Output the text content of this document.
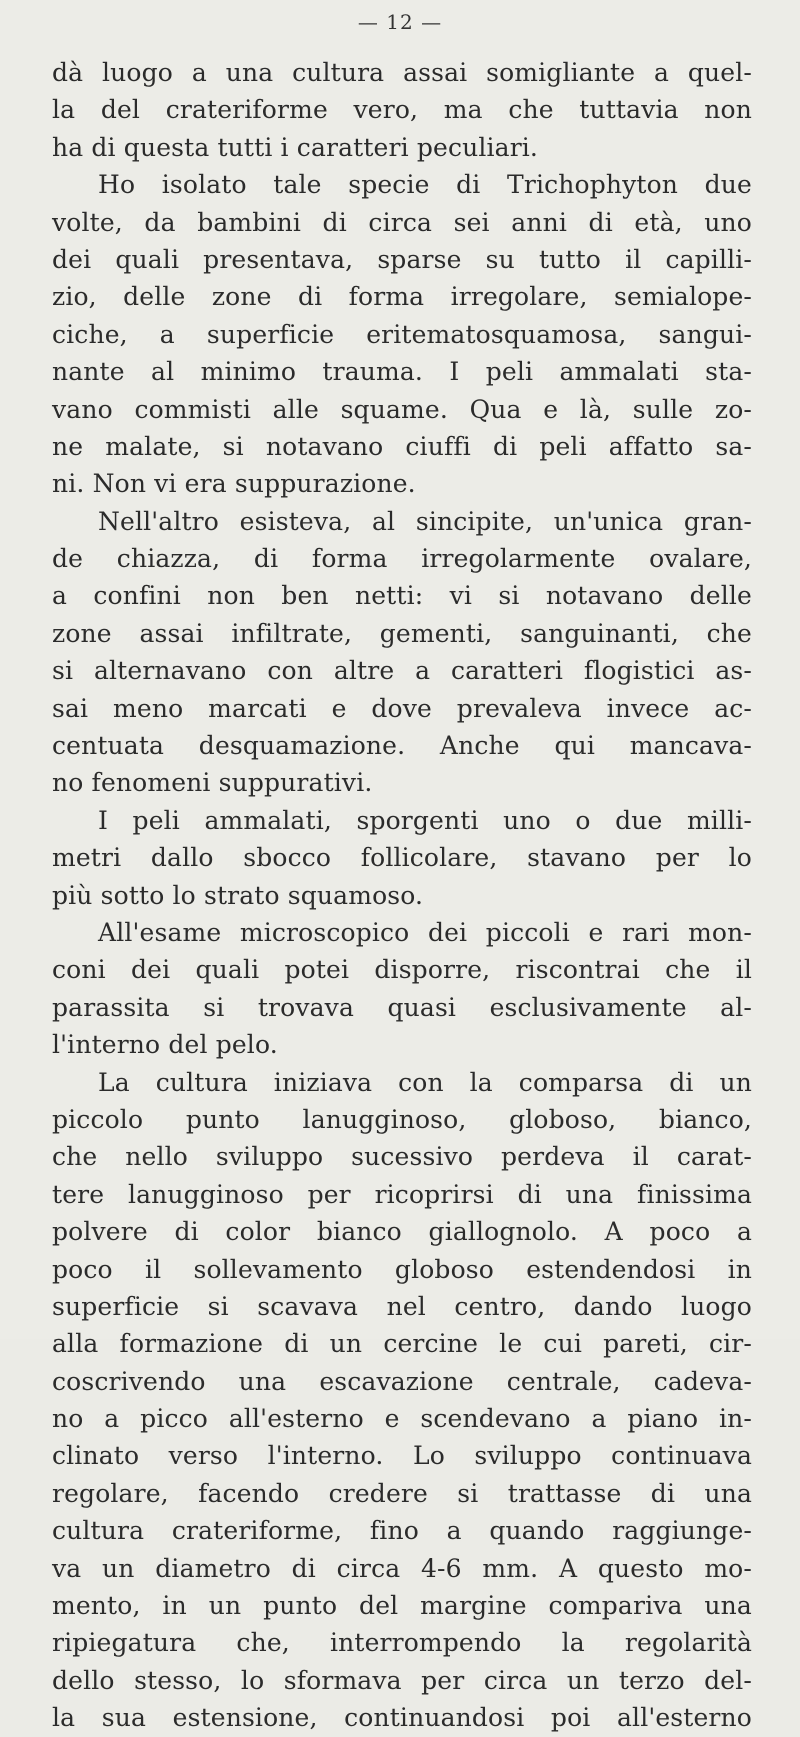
— 12 —
dà luogo a una cultura assai somigliante a quel-
la del crateriforme vero, ma che tuttavia non
ha di questa tutti i caratteri peculiari.
Ho isolato tale specie di Trichophyton due
volte, da bambini di circa sei anni di età, uno
dei quali presentava, sparse su tutto il capilli-
zio, delle zone di forma irregolare, semialope-
ciche, a superficie eritematosquamosa, sangui-
nante al minimo trauma. I peli ammalati sta-
vano commisti alle squame. Qua e là, sulle zo-
ne malate, si notavano ciuffi di peli affatto sa-
ni. Non vi era suppurazione.
Nell'altro esisteva, al sincipite, un'unica gran-
de chiazza, di forma irregolarmente ovalare,
a confini non ben netti: vi si notavano delle
zone assai infiltrate, gementi, sanguinanti, che
si alternavano con altre a caratteri flogistici as-
sai meno marcati e dove prevaleva invece ac-
centuata desquamazione. Anche qui mancava-
no fenomeni suppurativi.
I peli ammalati, sporgenti uno o due milli-
metri dallo sbocco follicolare, stavano per lo
più sotto lo strato squamoso.
All'esame microscopico dei piccoli e rari mon-
coni dei quali potei disporre, riscontrai che il
parassita si trovava quasi esclusivamente al-
l'interno del pelo.
La cultura iniziava con la comparsa di un
piccolo punto lanugginoso, globoso, bianco,
che nello sviluppo sucessivo perdeva il carat-
tere lanugginoso per ricoprirsi di una finissima
polvere di color bianco giallognolo. A poco a
poco il sollevamento globoso estendendosi in
superficie si scavava nel centro, dando luogo
alla formazione di un cercine le cui pareti, cir-
coscrivendo una escavazione centrale, cadeva-
no a picco all'esterno e scendevano a piano in-
clinato verso l'interno. Lo sviluppo continuava
regolare, facendo credere si trattasse di una
cultura crateriforme, fino a quando raggiunge-
va un diametro di circa 4-6 mm. A questo mo-
mento, in un punto del margine compariva una
ripiegatura che, interrompendo la regolarità
dello stesso, lo sformava per circa un terzo del-
la sua estensione, continuandosi poi all'esterno
